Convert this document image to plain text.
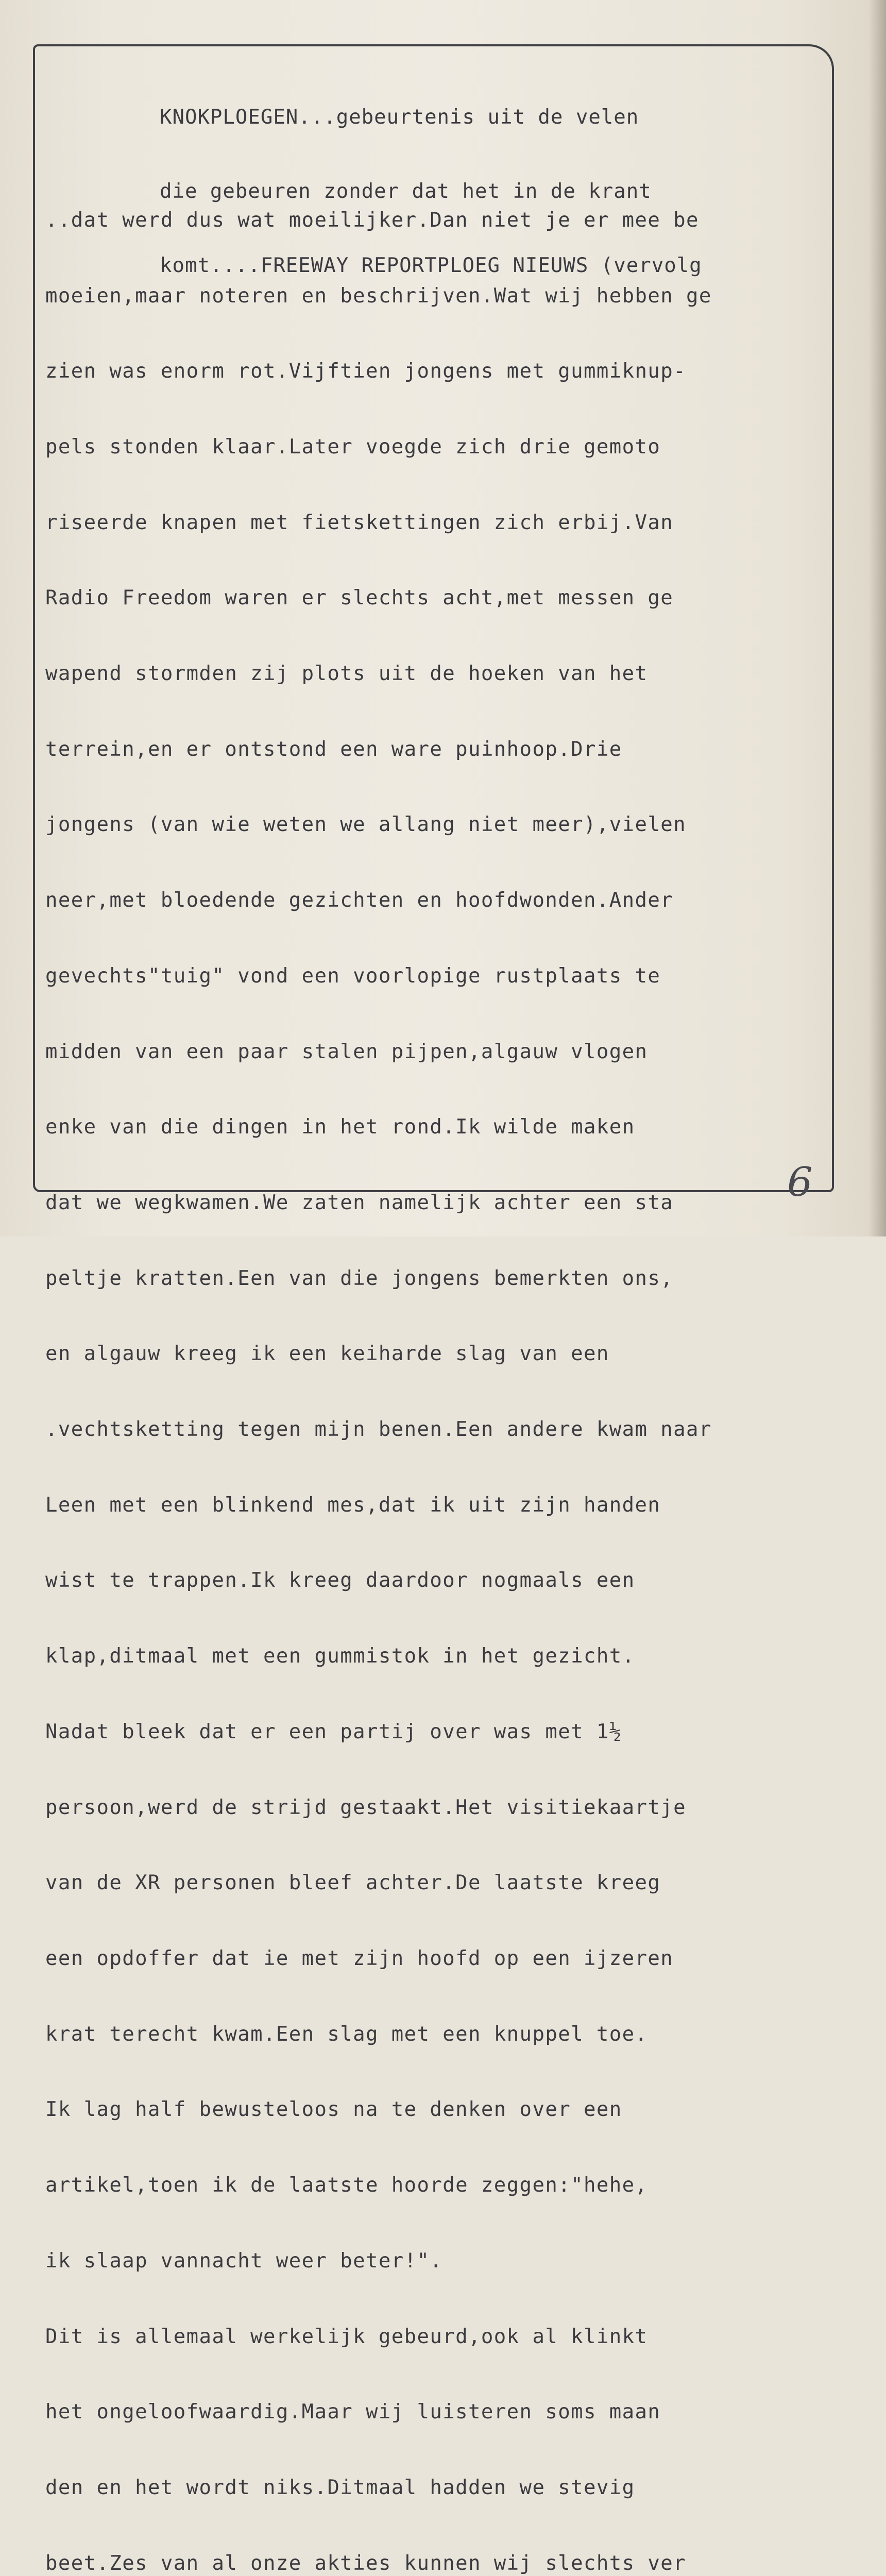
KNOKPLOEGEN...gebeurtenis uit de velen

die gebeuren zonder dat het in de krant

komt....FREEWAY REPORTPLOEG NIEUWS (vervolg

..dat werd dus wat moeilijker.Dan niet je er mee be

moeien,maar noteren en beschrijven.Wat wij hebben ge

zien was enorm rot.Vijftien jongens met gummiknup-

pels stonden klaar.Later voegde zich drie gemoto

riseerde knapen met fietskettingen zich erbij.Van

Radio Freedom waren er slechts acht,met messen ge

wapend stormden zij plots uit de hoeken van het

terrein,en er ontstond een ware puinhoop.Drie

jongens (van wie weten we allang niet meer),vielen

neer,met bloedende gezichten en hoofdwonden.Ander

gevechts"tuig" vond een voorlopige rustplaats te

midden van een paar stalen pijpen,algauw vlogen

enke van die dingen in het rond.Ik wilde maken

dat we wegkwamen.We zaten namelijk achter een sta

peltje kratten.Een van die jongens bemerkten ons,

en algauw kreeg ik een keiharde slag van een

.vechtsketting tegen mijn benen.Een andere kwam naar

Leen met een blinkend mes,dat ik uit zijn handen

wist te trappen.Ik kreeg daardoor nogmaals een

klap,ditmaal met een gummistok in het gezicht.

Nadat bleek dat er een partij over was met 1½

persoon,werd de strijd gestaakt.Het visitiekaartje

van de XR personen bleef achter.De laatste kreeg

een opdoffer dat ie met zijn hoofd op een ijzeren

krat terecht kwam.Een slag met een knuppel toe.

Ik lag half bewusteloos na te denken over een

artikel,toen ik de laatste hoorde zeggen:"hehe,

ik slaap vannacht weer beter!".

Dit is allemaal werkelijk gebeurd,ook al klinkt

het ongeloofwaardig.Maar wij luisteren soms maan

den en het wordt niks.Ditmaal hadden we stevig

beet.Zes van al onze akties kunnen wij slechts ver

6
